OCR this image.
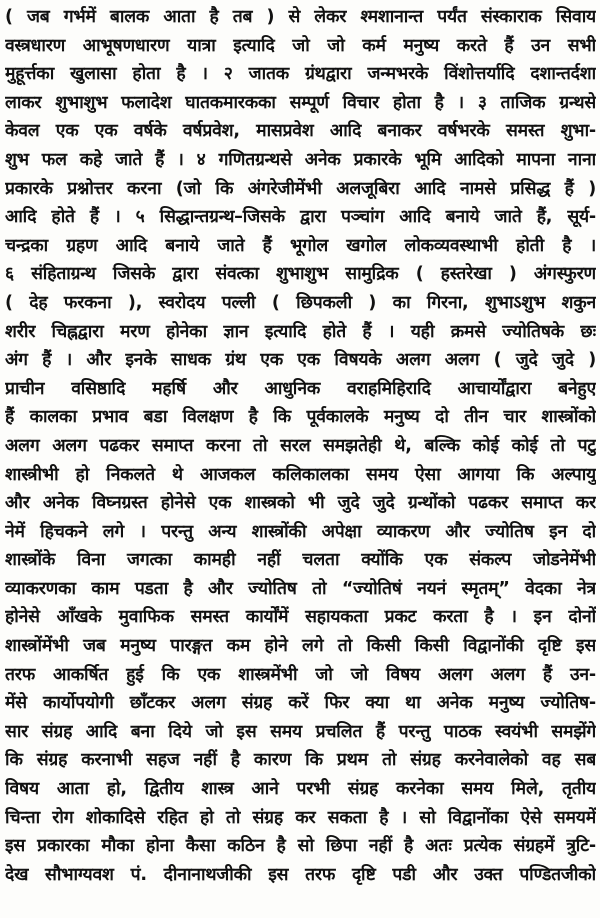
( जब गर्भमें बालक आता है तब ) से लेकर श्मशानान्त पर्यंत संस्काराक सिवाय
वस्त्रधारण आभूषणधारण यात्रा इत्यादि जो जो कर्म मनुष्य करते हैं उन सभी
मुहूर्त्तका खुलासा होता है । २ जातक ग्रंथद्वारा जन्मभरके विंशोत्तर्यादि दशान्तर्दशा
लाकर शुभाशुभ फलादेश घातकमारकका सम्पूर्ण विचार होता है । ३ ताजिक ग्रन्थसे
केवल एक एक वर्षके वर्षप्रवेश, मासप्रवेश आदि बनाकर वर्षभरके समस्त शुभा-
शुभ फल कहे जाते हैं । ४ गणितग्रन्थसे अनेक प्रकारके भूमि आदिको मापना नाना
प्रकारके प्रश्नोत्तर करना (जो कि अंगरेजीमेंभी अलजूबिरा आदि नामसे प्रसिद्ध हैं )
आदि होते हैं । ५ सिद्धान्तग्रन्थ–जिसके द्वारा पञ्चांग आदि बनाये जाते हैं, सूर्य-
चन्द्रका ग्रहण आदि बनाये जाते हैं भूगोल खगोल लोकव्यवस्थाभी होती है ।
६ संहिताग्रन्थ जिसके द्वारा संवत्का शुभाशुभ सामुद्रिक ( हस्तरेखा ) अंगस्फुरण
( देह फरकना ), स्वरोदय पल्ली ( छिपकली ) का गिरना, शुभाऽशुभ शकुन
शरीर चिह्नद्वारा मरण होनेका ज्ञान इत्यादि होते हैं । यही क्रमसे ज्योतिषके छः
अंग हैं । और इनके साधक ग्रंथ एक एक विषयके अलग अलग ( जुदे जुदे )
प्राचीन वसिष्ठादि महर्षि और आधुनिक वराहमिहिरादि आचार्योंद्वारा बनेहुए
हैं कालका प्रभाव बडा विलक्षण है कि पूर्वकालके मनुष्य दो तीन चार शास्त्रोंको
अलग अलग पढकर समाप्त करना तो सरल समझतेही थे, बल्कि कोई कोई तो पटु
शास्त्रीभी हो निकलते थे आजकल कलिकालका समय ऐसा आगया कि अल्पायु
और अनेक विघ्नग्रस्त होनेसे एक शास्त्रको भी जुदे जुदे ग्रन्थोंको पढकर समाप्त कर
नेमें हिचकने लगे । परन्तु अन्य शास्त्रोंकी अपेक्षा व्याकरण और ज्योतिष इन दो
शास्त्रोंके विना जगत्का कामही नहीं चलता क्योंकि एक संकल्प जोडनेमेंभी
व्याकरणका काम पडता है और ज्योतिष तो “ज्योतिषं नयनं स्मृतम्” वेदका नेत्र
होनेसे आँखके मुवाफिक समस्त कार्योंमें सहायकता प्रकट करता है । इन दोनों
शास्त्रोंमेंभी जब मनुष्य पारङ्गत कम होने लगे तो किसी किसी विद्वानोंकी दृष्टि इस
तरफ आकर्षित हुई कि एक शास्त्रमेंभी जो जो विषय अलग अलग हैं उन-
मेंसे कार्योपयोगी छाँटकर अलग संग्रह करें फिर क्या था अनेक मनुष्य ज्योतिष-
सार संग्रह आदि बना दिये जो इस समय प्रचलित हैं परन्तु पाठक स्वयंभी समझेंगे
कि संग्रह करनाभी सहज नहीं है कारण कि प्रथम तो संग्रह करनेवालेको वह सब
विषय आता हो, द्वितीय शास्त्र आने परभी संग्रह करनेका समय मिले, तृतीय
चिन्ता रोग शोकादिसे रहित हो तो संग्रह कर सकता है । सो विद्वानोंका ऐसे समयमें
इस प्रकारका मौका होना कैसा कठिन है सो छिपा नहीं है अतः प्रत्येक संग्रहमें त्रुटि-
देख सौभाग्यवश पं. दीनानाथजीकी इस तरफ दृष्टि पडी और उक्त पण्डितजीको
